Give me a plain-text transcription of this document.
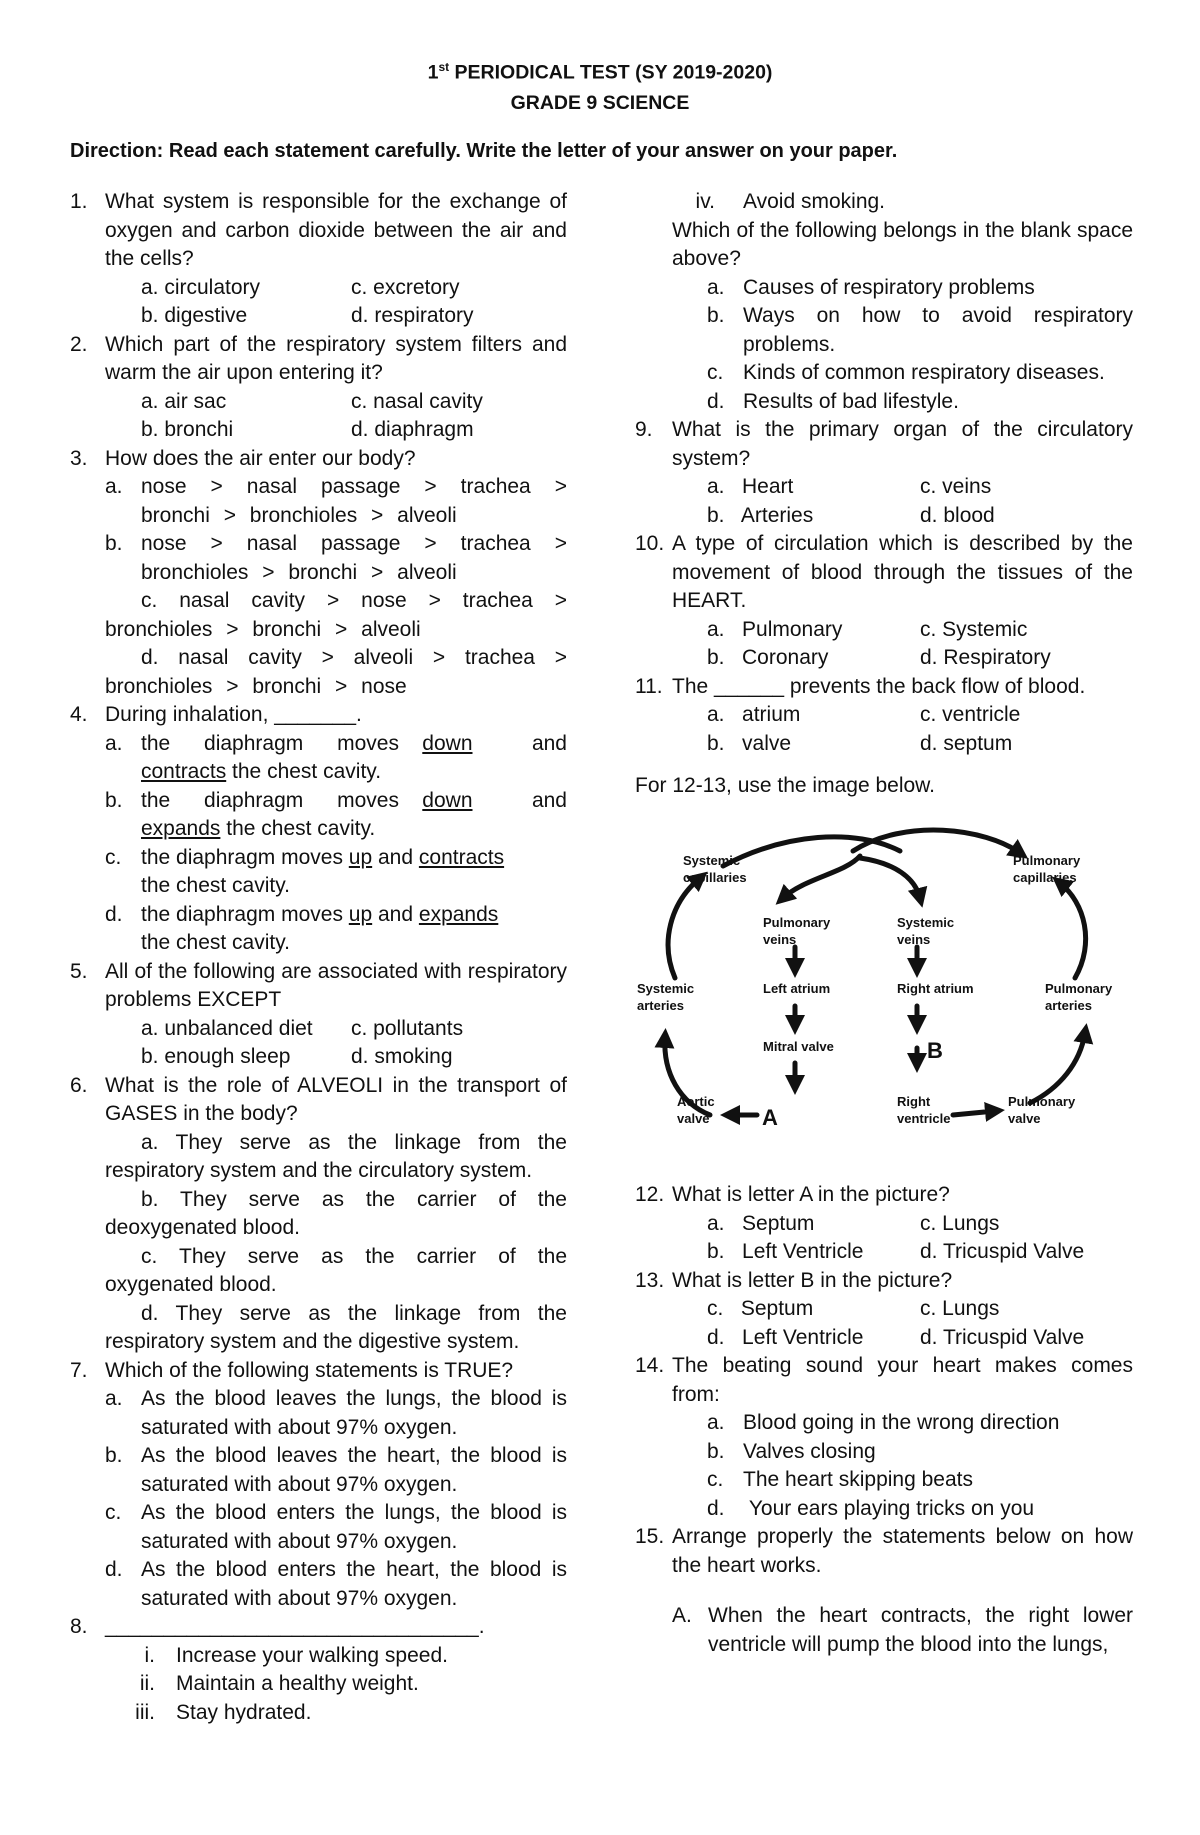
1st PERIODICAL TEST (SY 2019-2020)
GRADE 9 SCIENCE
Direction: Read each statement carefully. Write the letter of your answer on your paper.
1. What system is responsible for the exchange of oxygen and carbon dioxide between the air and the cells?
a. circulatory	c. excretory
b. digestive	d. respiratory
2. Which part of the respiratory system filters and warm the air upon entering it?
a. air sac	c. nasal cavity
b. bronchi	d. diaphragm
3. How does the air enter our body?
a. nose > nasal passage > trachea > bronchi > bronchioles > alveoli
b. nose > nasal passage > trachea > bronchioles > bronchi > alveoli
c. nasal cavity > nose > trachea > bronchioles > bronchi > alveoli
d. nasal cavity > alveoli > trachea > bronchioles > bronchi > nose
4. During inhalation, _______.
a. the diaphragm moves down	and

contracts the chest cavity.
b. the diaphragm moves down	and

expands the chest cavity.
c. the diaphragm moves up and contracts
the chest cavity.
d. the diaphragm moves up and expands
the chest cavity.
5. All of the following are associated with respiratory problems EXCEPT
a. unbalanced diet	c. pollutants
b. enough sleep	d. smoking
6. What is the role of ALVEOLI in the transport of GASES in the body?
a. They serve as the linkage from the respiratory system and the circulatory system.
b. They serve as the carrier of the deoxygenated blood.
c. They serve as the carrier of the oxygenated blood.
d. They serve as the linkage from the respiratory system and the digestive system.
7. Which of the following statements is TRUE?
a. As the blood leaves the lungs, the blood is saturated with about 97% oxygen.
b. As the blood leaves the heart, the blood is saturated with about 97% oxygen.
c. As the blood enters the lungs, the blood is saturated with about 97% oxygen.
d. As the blood enters the heart, the blood is saturated with about 97% oxygen.
8. ________________________________.
i. Increase your walking speed.
ii. Maintain a healthy weight.
iii. Stay hydrated.
iv. Avoid smoking.
Which of the following belongs in the blank space above?
a. Causes of respiratory problems
b. Ways on how to avoid respiratory problems.
c. Kinds of common respiratory diseases.
d. Results of bad lifestyle.
9. What is the primary organ of the circulatory system?
a.   Heart	c. veins
b.   Arteries	d. blood
10. A type of circulation which is described by the movement of blood through the tissues of the HEART.
a.   Pulmonary	c. Systemic
b.   Coronary	d. Respiratory
11. The ______ prevents the back flow of blood.
a.   atrium	c. ventricle
b.   valve	d. septum
For 12-13, use the image below.
Systemic capillaries
Pulmonary capillaries
Pulmonary veins
Systemic veins
Systemic arteries
Pulmonary arteries
Left atrium	Right atrium
Mitral valve
Aortic valve
Right ventricle
Pulmonary valve
A
B
12. What is letter A in the picture?
a.   Septum	c. Lungs
b.   Left Ventricle	d. Tricuspid Valve
13. What is letter B in the picture?
c.   Septum	c. Lungs
d.   Left Ventricle	d. Tricuspid Valve
14. The beating sound your heart makes comes from:
a. Blood going in the wrong direction
b. Valves closing
c. The heart skipping beats
d. Your ears playing tricks on you
15. Arrange properly the statements below on how the heart works.
A. When the heart contracts, the right lower ventricle will pump the blood into the lungs,
